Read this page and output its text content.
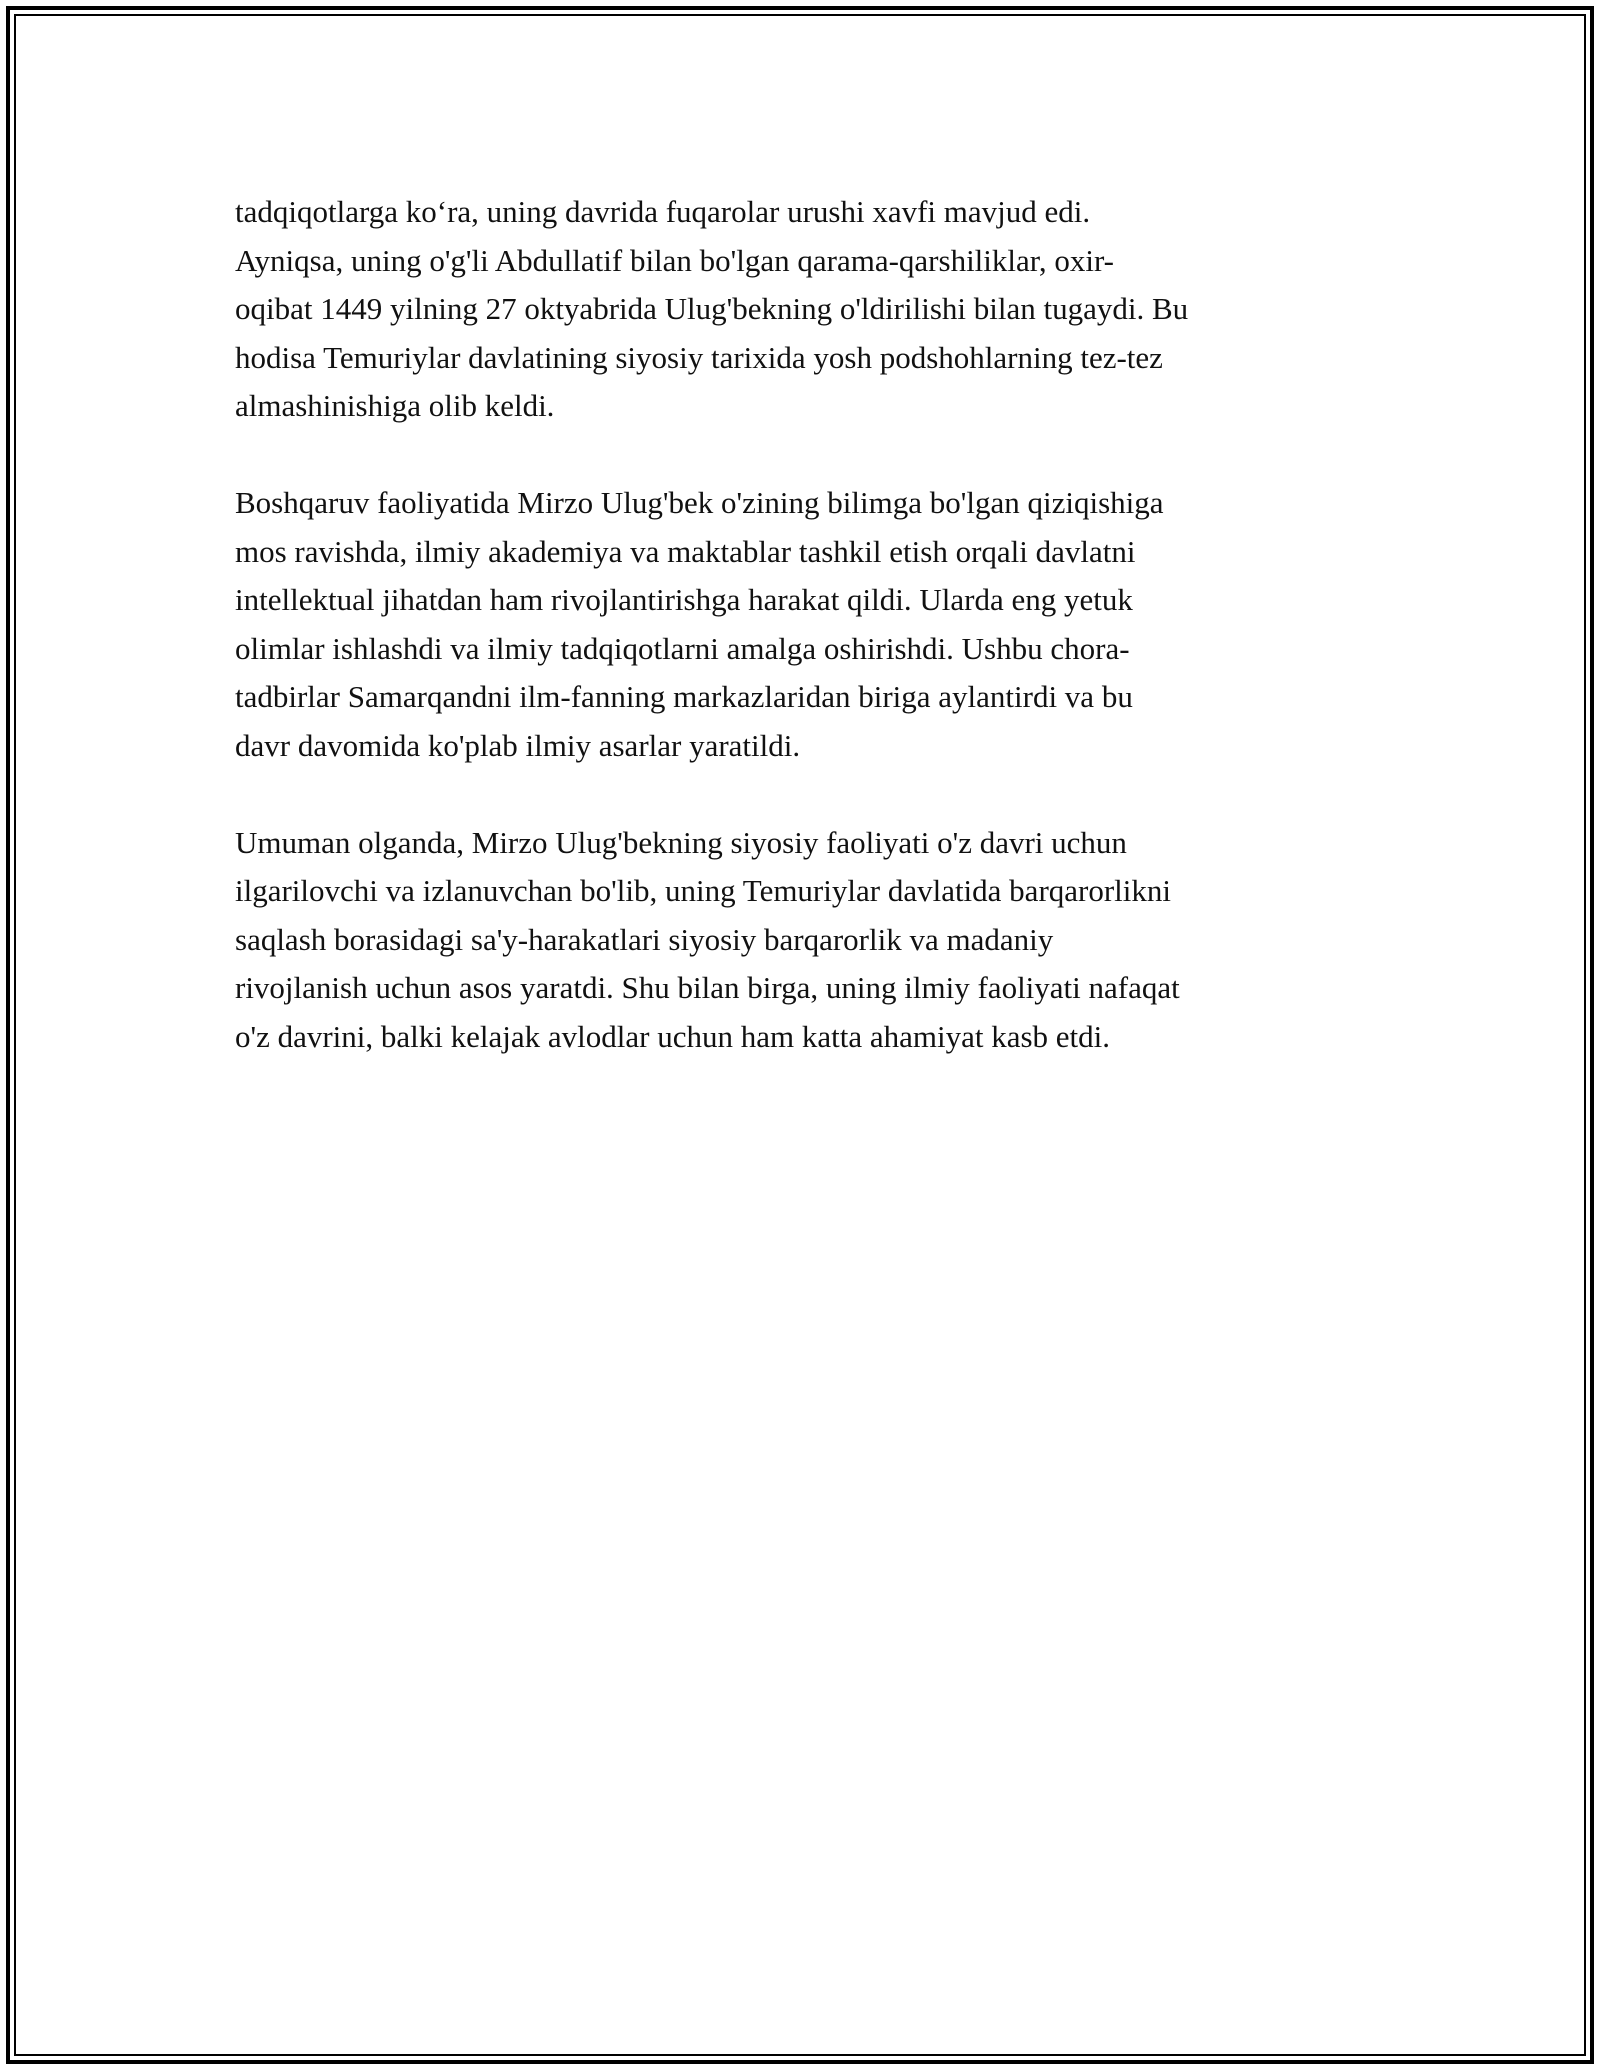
tadqiqotlarga ko‘ra, uning davrida fuqarolar urushi xavfi mavjud edi.
Ayniqsa, uning o'g'li Abdullatif bilan bo'lgan qarama-qarshiliklar, oxir-
oqibat 1449 yilning 27 oktyabrida Ulug'bekning o'ldirilishi bilan tugaydi. Bu
hodisa Temuriylar davlatining siyosiy tarixida yosh podshohlarning tez-tez
almashinishiga olib keldi.
Boshqaruv faoliyatida Mirzo Ulug'bek o'zining bilimga bo'lgan qiziqishiga
mos ravishda, ilmiy akademiya va maktablar tashkil etish orqali davlatni
intellektual jihatdan ham rivojlantirishga harakat qildi. Ularda eng yetuk
olimlar ishlashdi va ilmiy tadqiqotlarni amalga oshirishdi. Ushbu chora-
tadbirlar Samarqandni ilm-fanning markazlaridan biriga aylantirdi va bu
davr davomida ko'plab ilmiy asarlar yaratildi.
Umuman olganda, Mirzo Ulug'bekning siyosiy faoliyati o'z davri uchun
ilgarilovchi va izlanuvchan bo'lib, uning Temuriylar davlatida barqarorlikni
saqlash borasidagi sa'y-harakatlari siyosiy barqarorlik va madaniy
rivojlanish uchun asos yaratdi. Shu bilan birga, uning ilmiy faoliyati nafaqat
o'z davrini, balki kelajak avlodlar uchun ham katta ahamiyat kasb etdi.
